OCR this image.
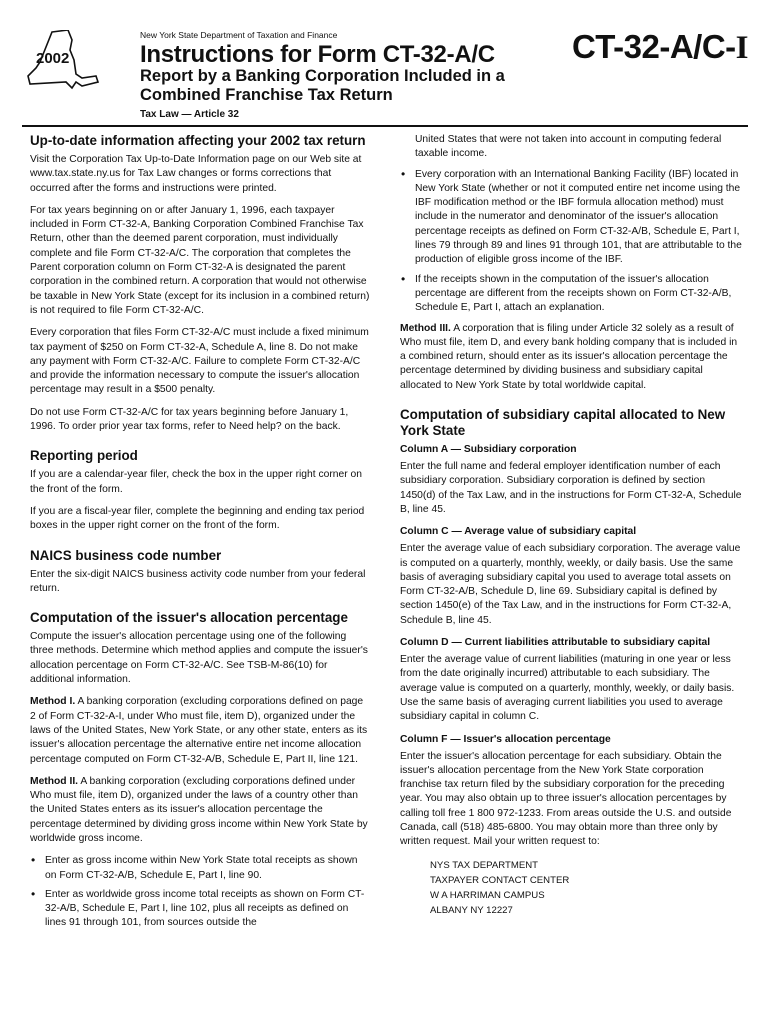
2002
New York State Department of Taxation and Finance	CT-32-A/C-I
Instructions for Form CT-32-A/C
Report by a Banking Corporation Included in a Combined Franchise Tax Return
Tax Law — Article 32
Up-to-date information affecting your 2002 tax return

Visit the Corporation Tax Up-to-Date Information page on our Web site at www.tax.state.ny.us for Tax Law changes or forms corrections that occurred after the forms and instructions were printed.

For tax years beginning on or after January 1, 1996, each taxpayer included in Form CT-32-A, Banking Corporation Combined Franchise Tax Return, other than the deemed parent corporation, must individually complete and file Form CT-32-A/C. The corporation that completes the Parent corporation column on Form CT-32-A is designated the parent corporation in the combined return. A corporation that would not otherwise be taxable in New York State (except for its inclusion in a combined return) is not required to file Form CT-32-A/C.

Every corporation that files Form CT-32-A/C must include a fixed minimum tax payment of $250 on Form CT-32-A, Schedule A, line 8. Do not make any payment with Form CT-32-A/C. Failure to complete Form CT-32-A/C and provide the information necessary to compute the issuer's allocation percentage may result in a $500 penalty.

Do not use Form CT-32-A/C for tax years beginning before January 1, 1996. To order prior year tax forms, refer to Need help? on the back.

Reporting period

If you are a calendar-year filer, check the box in the upper right corner on the front of the form.

If you are a fiscal-year filer, complete the beginning and ending tax period boxes in the upper right corner on the front of the form.

NAICS business code number

Enter the six-digit NAICS business activity code number from your federal return.

Computation of the issuer's allocation percentage

Compute the issuer's allocation percentage using one of the following three methods. Determine which method applies and compute the issuer's allocation percentage on Form CT-32-A/C. See TSB-M-86(10) for additional information.

Method I. A banking corporation (excluding corporations defined on page 2 of Form CT-32-A-I, under Who must file, item D), organized under the laws of the United States, New York State, or any other state, enters as its issuer's allocation percentage the alternative entire net income allocation percentage computed on Form CT-32-A/B, Schedule E, Part II, line 121.

Method II. A banking corporation (excluding corporations defined under Who must file, item D), organized under the laws of a country other than the United States enters as its issuer's allocation percentage the percentage determined by dividing gross income within New York State by worldwide gross income.

• Enter as gross income within New York State total receipts as shown on Form CT-32-A/B, Schedule E, Part I, line 90.
• Enter as worldwide gross income total receipts as shown on Form CT-32-A/B, Schedule E, Part I, line 102, plus all receipts as defined on lines 91 through 101, from sources outside the
United States that were not taken into account in computing federal taxable income.
• Every corporation with an International Banking Facility (IBF) located in New York State (whether or not it computed entire net income using the IBF modification method or the IBF formula allocation method) must include in the numerator and denominator of the issuer's allocation percentage receipts as defined on Form CT-32-A/B, Schedule E, Part I, lines 79 through 89 and lines 91 through 101, that are attributable to the production of eligible gross income of the IBF.
• If the receipts shown in the computation of the issuer's allocation percentage are different from the receipts shown on Form CT-32-A/B, Schedule E, Part I, attach an explanation.

Method III. A corporation that is filing under Article 32 solely as a result of Who must file, item D, and every bank holding company that is included in a combined return, should enter as its issuer's allocation percentage the percentage determined by dividing business and subsidiary capital allocated to New York State by total worldwide capital.

Computation of subsidiary capital allocated to New York State
Column A — Subsidiary corporation

Enter the full name and federal employer identification number of each subsidiary corporation. Subsidiary corporation is defined by section 1450(d) of the Tax Law, and in the instructions for Form CT-32-A, Schedule B, line 45.

Column C — Average value of subsidiary capital

Enter the average value of each subsidiary corporation. The average value is computed on a quarterly, monthly, weekly, or daily basis. Use the same basis of averaging subsidiary capital you used to average total assets on Form CT-32-A/B, Schedule D, line 69. Subsidiary capital is defined by section 1450(e) of the Tax Law, and in the instructions for Form CT-32-A, Schedule B, line 45.

Column D — Current liabilities attributable to subsidiary capital

Enter the average value of current liabilities (maturing in one year or less from the date originally incurred) attributable to each subsidiary. The average value is computed on a quarterly, monthly, weekly, or daily basis. Use the same basis of averaging current liabilities you used to average subsidiary capital in column C.

Column F — Issuer's allocation percentage

Enter the issuer's allocation percentage for each subsidiary. Obtain the issuer's allocation percentage from the New York State corporation franchise tax return filed by the subsidiary corporation for the preceding year. You may also obtain up to three issuer's allocation percentages by calling toll free 1 800 972-1233. From areas outside the U.S. and outside Canada, call (518) 485-6800. You may obtain more than three only by written request. Mail your written request to:

NYS TAX DEPARTMENT
TAXPAYER CONTACT CENTER
W A HARRIMAN CAMPUS
ALBANY NY 12227
